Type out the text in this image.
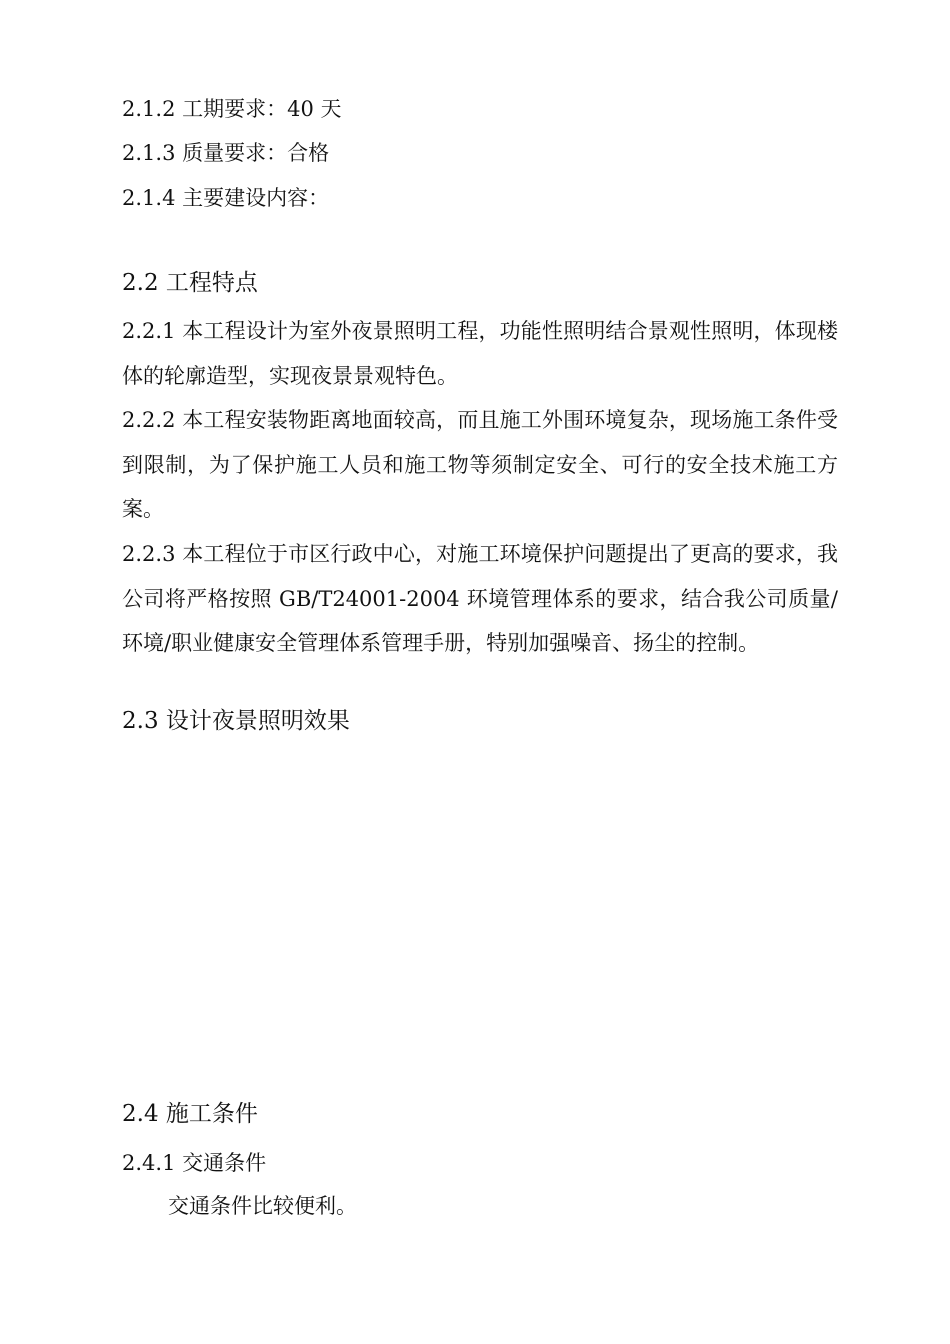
2.1.2 工期要求：40 天
2.1.3 质量要求：合格
2.1.4 主要建设内容：
2.2 工程特点
2.2.1 本工程设计为室外夜景照明工程，功能性照明结合景观性照明，体现楼体的轮廓造型，实现夜景景观特色。
2.2.2 本工程安装物距离地面较高，而且施工外围环境复杂，现场施工条件受到限制，为了保护施工人员和施工物等须制定安全、可行的安全技术施工方案。
2.2.3 本工程位于市区行政中心，对施工环境保护问题提出了更高的要求，我公司将严格按照 GB/T24001-2004 环境管理体系的要求，结合我公司质量/环境/职业健康安全管理体系管理手册，特别加强噪音、扬尘的控制。
2.3 设计夜景照明效果
2.4 施工条件
2.4.1 交通条件
交通条件比较便利。
